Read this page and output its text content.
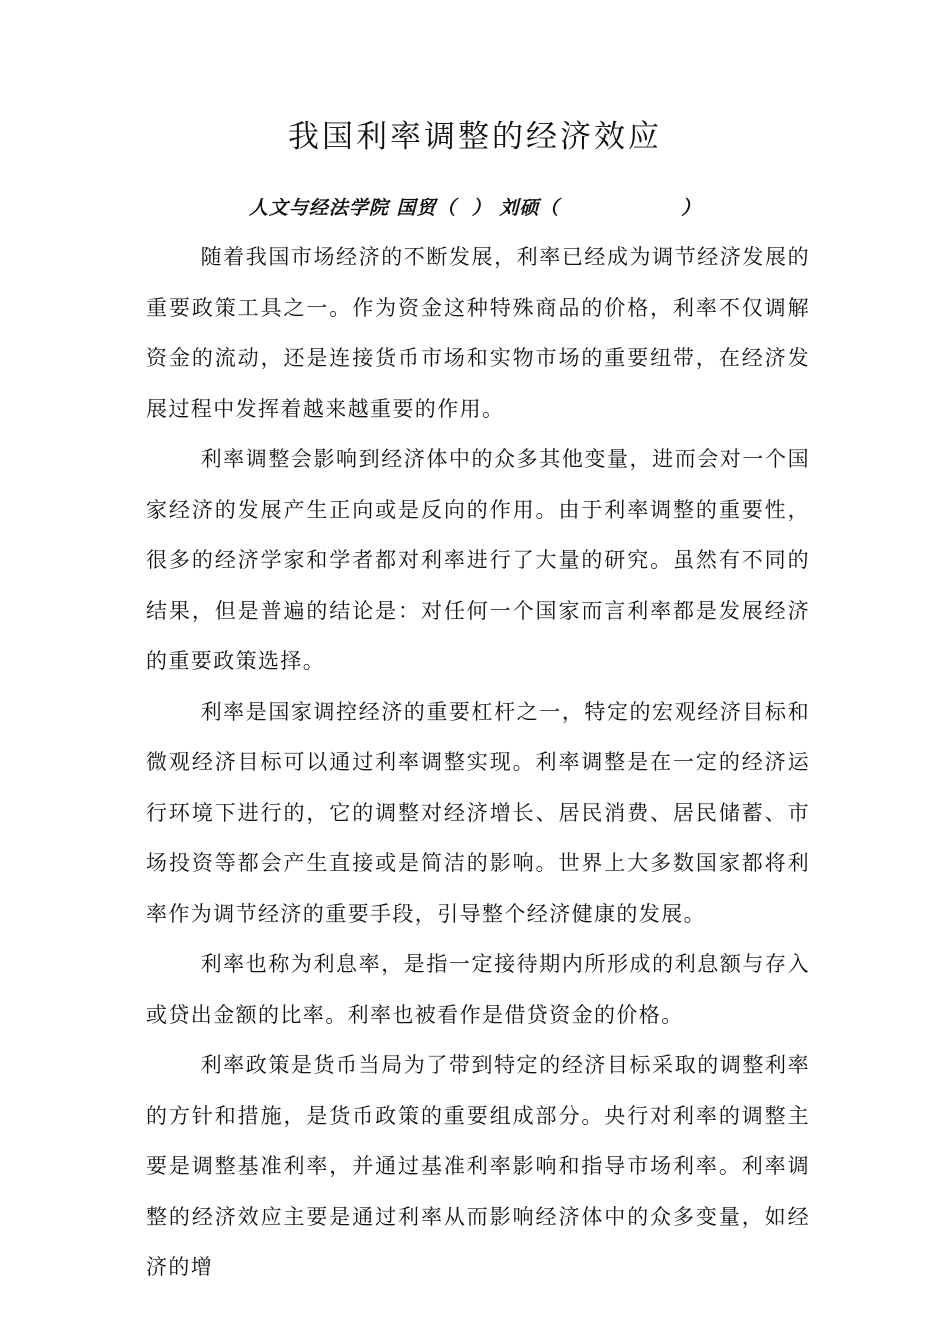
我国利率调整的经济效应
人文与经法学院 国贸（  ） 刘硕（                ）

随着我国市场经济的不断发展，利率已经成为调节经济发展的重要政策工具之一。作为资金这种特殊商品的价格，利率不仅调解资金的流动，还是连接货币市场和实物市场的重要纽带，在经济发展过程中发挥着越来越重要的作用。

利率调整会影响到经济体中的众多其他变量，进而会对一个国家经济的发展产生正向或是反向的作用。由于利率调整的重要性，很多的经济学家和学者都对利率进行了大量的研究。虽然有不同的结果，但是普遍的结论是：对任何一个国家而言利率都是发展经济的重要政策选择。

利率是国家调控经济的重要杠杆之一，特定的宏观经济目标和微观经济目标可以通过利率调整实现。利率调整是在一定的经济运行环境下进行的，它的调整对经济增长、居民消费、居民储蓄、市场投资等都会产生直接或是简洁的影响。世界上大多数国家都将利率作为调节经济的重要手段，引导整个经济健康的发展。

利率也称为利息率，是指一定接待期内所形成的利息额与存入或贷出金额的比率。利率也被看作是借贷资金的价格。

利率政策是货币当局为了带到特定的经济目标采取的调整利率的方针和措施，是货币政策的重要组成部分。央行对利率的调整主要是调整基准利率，并通过基准利率影响和指导市场利率。利率调整的经济效应主要是通过利率从而影响经济体中的众多变量，如经济的增
